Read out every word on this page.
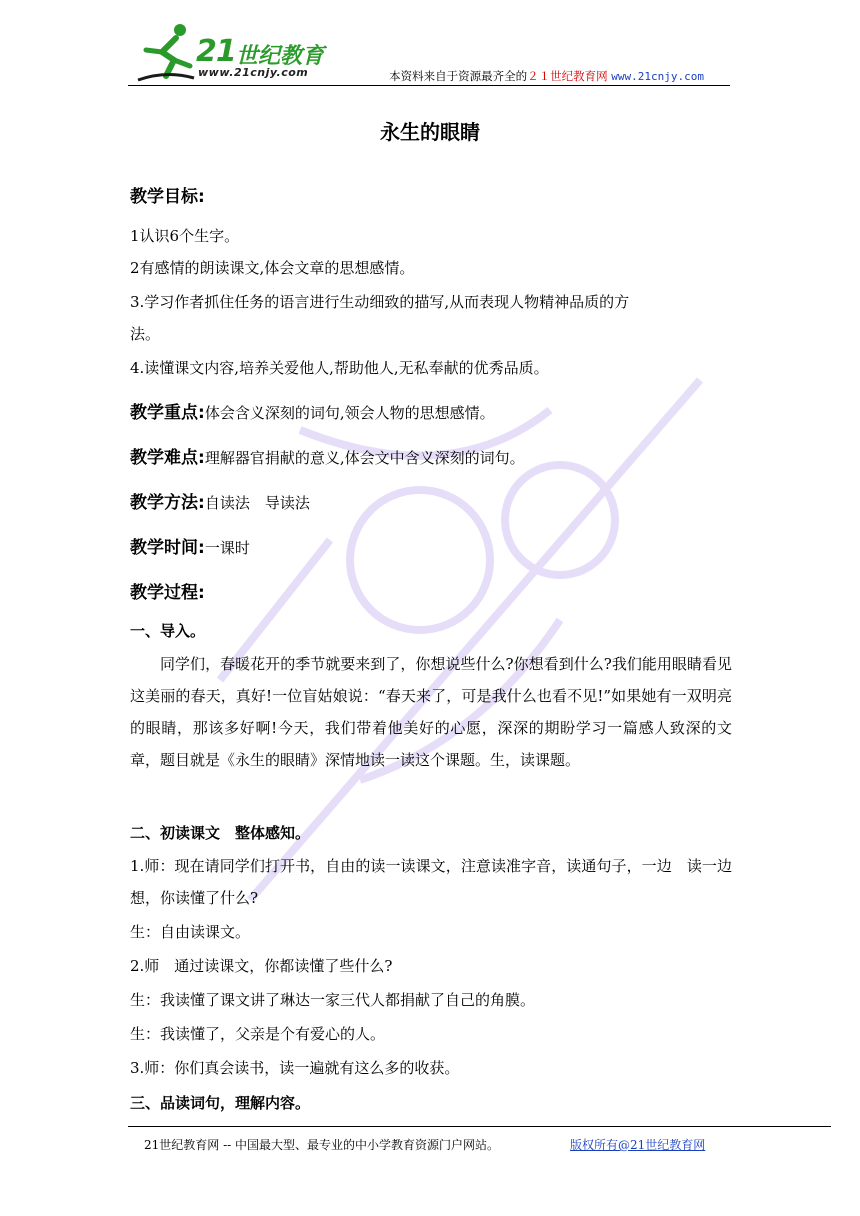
21 世纪教育
www.21cnjy.com	本资料来自于资源最齐全的２１世纪教育网 www.21cnjy.com
永生的眼睛
教学目标:
1认识6个生字。
2有感情的朗读课文,体会文章的思想感情。
3.学习作者抓住任务的语言进行生动细致的描写,从而表现人物精神品质的方
法。
4.读懂课文内容,培养关爱他人,帮助他人,无私奉献的优秀品质。
教学重点:体会含义深刻的词句,领会人物的思想感情。
教学难点:理解器官捐献的意义,体会文中含义深刻的词句。
教学方法:自读法　导读法
教学时间:一课时
教学过程:
一、导入。
同学们，春暖花开的季节就要来到了，你想说些什么?你想看到什么?我们能用眼睛看见这美丽的春天，真好!一位盲姑娘说：“春天来了，可是我什么也看不见!”如果她有一双明亮的眼睛，那该多好啊!今天，我们带着他美好的心愿，深深的期盼学习一篇感人致深的文章，题目就是《永生的眼睛》深情地读一读这个课题。生，读课题。
二、初读课文　整体感知。
1.师：现在请同学们打开书，自由的读一读课文，注意读准字音，读通句子，一边　读一边想，你读懂了什么?
生：自由读课文。
2.师　通过读课文，你都读懂了些什么?
生：我读懂了课文讲了琳达一家三代人都捐献了自己的角膜。
生：我读懂了，父亲是个有爱心的人。
3.师：你们真会读书，读一遍就有这么多的收获。
三、品读词句，理解内容。
21世纪教育网 -- 中国最大型、最专业的中小学教育资源门户网站。	版权所有@21世纪教育网
